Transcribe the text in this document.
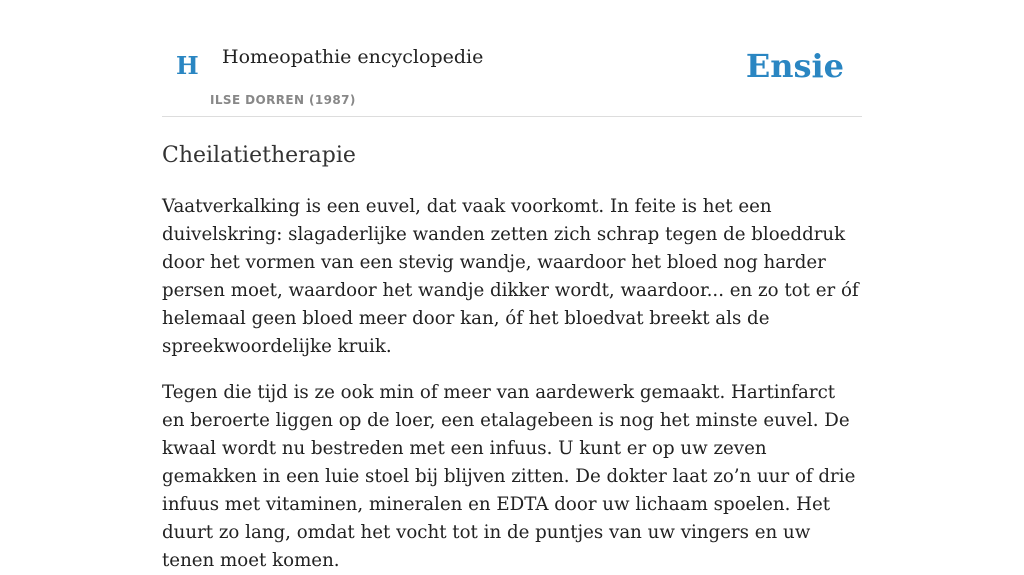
H Homeopathie encyclopedie
ILSE DORREN (1987)
Ensie
Cheilatietherapie

Vaatverkalking is een euvel, dat vaak voorkomt. In feite is het een duivelskring: slagaderlijke wanden zetten zich schrap tegen de bloeddruk door het vormen van een stevig wandje, waardoor het bloed nog harder persen moet, waardoor het wandje dikker wordt, waardoor... en zo tot er óf helemaal geen bloed meer door kan, óf het bloedvat breekt als de spreekwoordelijke kruik.

Tegen die tijd is ze ook min of meer van aardewerk gemaakt. Hartinfarct en beroerte liggen op de loer, een etalagebeen is nog het minste euvel. De kwaal wordt nu bestreden met een infuus. U kunt er op uw zeven gemakken in een luie stoel bij blijven zitten. De dokter laat zo’n uur of drie infuus met vitaminen, mineralen en EDTA door uw lichaam spoelen. Het duurt zo lang, omdat het vocht tot in de puntjes van uw vingers en uw tenen moet komen.
